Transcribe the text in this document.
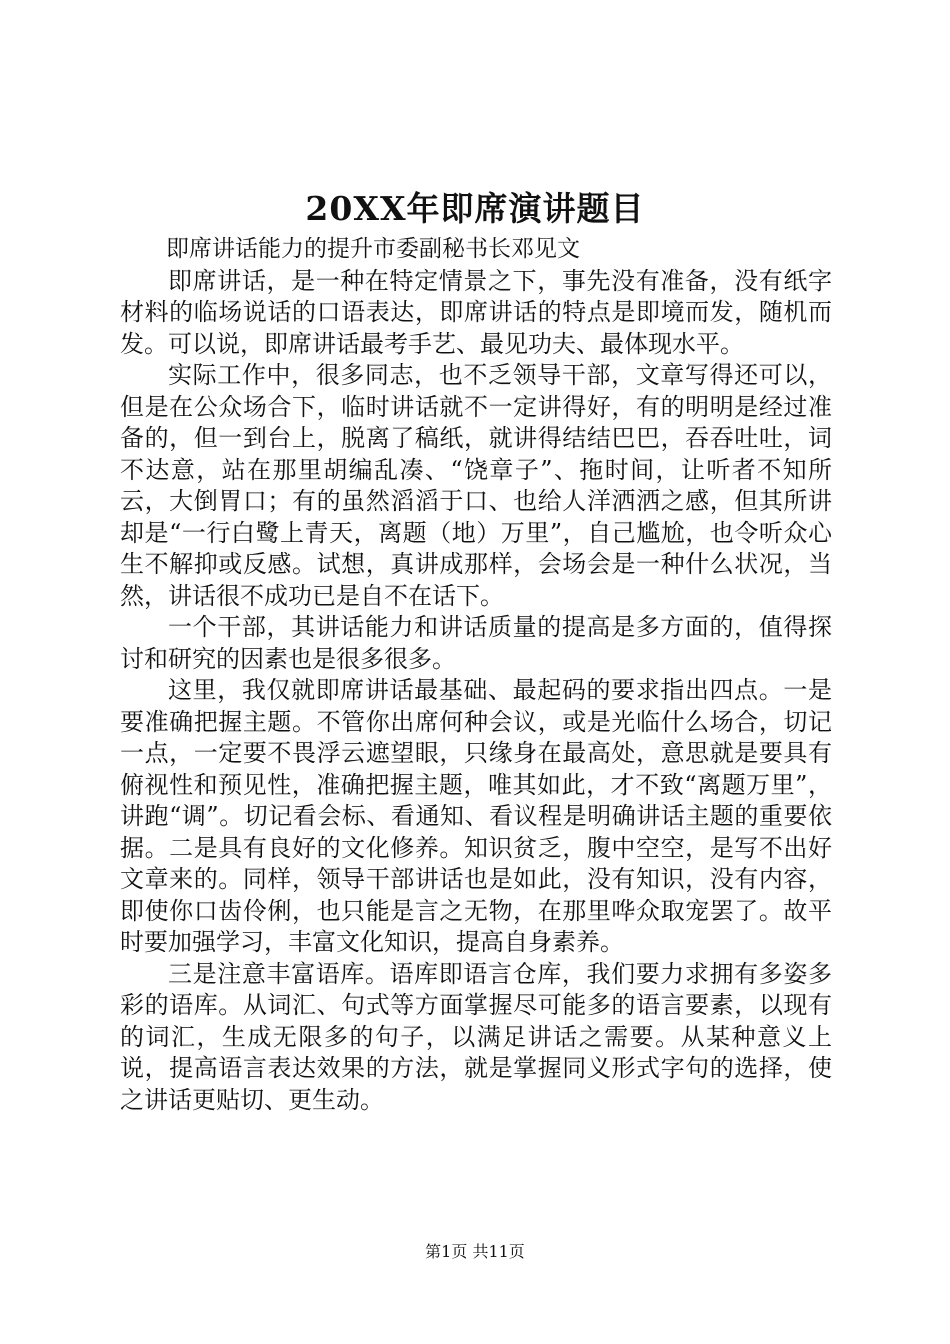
20XX年即席演讲题目

即席讲话能力的提升市委副秘书长邓见文

即席讲话，是一种在特定情景之下，事先没有准备，没有纸字材料的临场说话的口语表达，即席讲话的特点是即境而发，随机而发。可以说，即席讲话最考手艺、最见功夫、最体现水平。

实际工作中，很多同志，也不乏领导干部，文章写得还可以，但是在公众场合下，临时讲话就不一定讲得好，有的明明是经过准备的，但一到台上，脱离了稿纸，就讲得结结巴巴，吞吞吐吐，词不达意，站在那里胡编乱凑、“饶章子”、拖时间，让听者不知所云，大倒胃口；有的虽然滔滔于口、也给人洋洒洒之感，但其所讲却是“一行白鹭上青天，离题（地）万里”，自己尴尬，也令听众心生不解抑或反感。试想，真讲成那样，会场会是一种什么状况，当然，讲话很不成功已是自不在话下。

一个干部，其讲话能力和讲话质量的提高是多方面的，值得探讨和研究的因素也是很多很多。

这里，我仅就即席讲话最基础、最起码的要求指出四点。一是要准确把握主题。不管你出席何种会议，或是光临什么场合，切记一点，一定要不畏浮云遮望眼，只缘身在最高处，意思就是要具有俯视性和预见性，准确把握主题，唯其如此，才不致“离题万里”，讲跑“调”。切记看会标、看通知、看议程是明确讲话主题的重要依据。二是具有良好的文化修养。知识贫乏，腹中空空，是写不出好文章来的。同样，领导干部讲话也是如此，没有知识，没有内容，即使你口齿伶俐，也只能是言之无物，在那里哗众取宠罢了。故平时要加强学习，丰富文化知识，提高自身素养。

三是注意丰富语库。语库即语言仓库，我们要力求拥有多姿多彩的语库。从词汇、句式等方面掌握尽可能多的语言要素，以现有的词汇，生成无限多的句子，以满足讲话之需要。从某种意义上说，提高语言表达效果的方法，就是掌握同义形式字句的选择，使之讲话更贴切、更生动。

第1页 共11页
